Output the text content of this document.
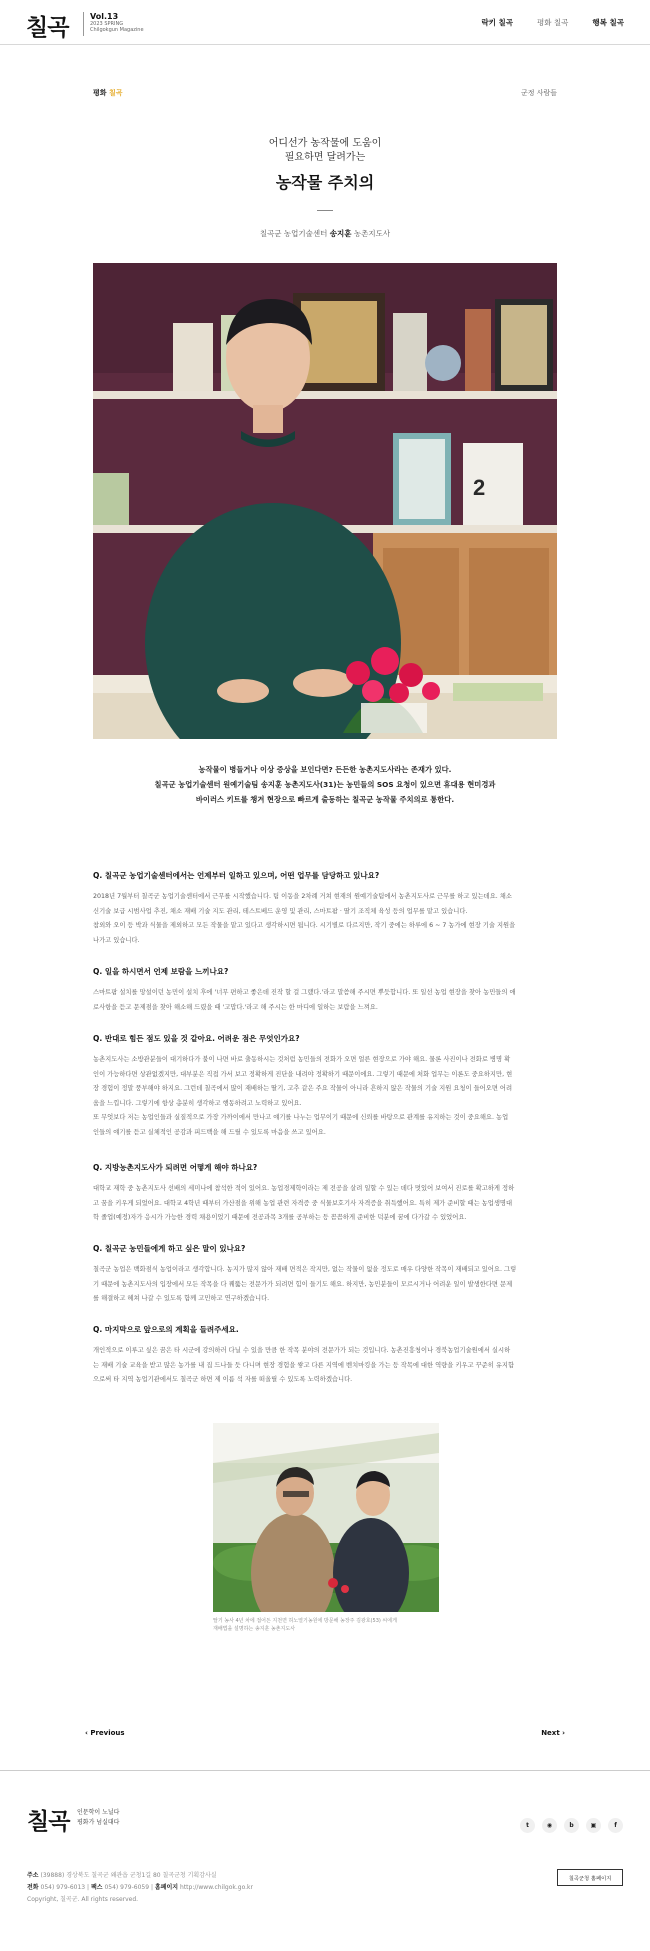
칠곡	Vol.13
2023 SPRING
Chilgokgun Magazine
락키 칠곡	평화 칠곡	행복 칠곡
평화 칠곡	군정 사람들
어디선가 농작물에 도움이
필요하면 달려가는
농작물 주치의
칠곡군 농업기술센터 송지훈 농촌지도사
2
농작물이 병들거나 이상 증상을 보인다면? 든든한 농촌지도사라는 존재가 있다.
칠곡군 농업기술센터 원예기술팀 송지훈 농촌지도사(31)는 농민들의 SOS 요청이 있으면 휴대용 현미경과
바이러스 키트를 챙겨 현장으로 빠르게 출동하는 칠곡군 농작물 주치의로 통한다.
Q. 칠곡군 농업기술센터에서는 언제부터 일하고 있으며, 어떤 업무를 담당하고 있나요?
2018년 7월부터 칠곡군 농업기술센터에서 근무를 시작했습니다. 팀 이동을 2차례 거쳐 현재의 원예기술팀에서 농촌지도사로 근무를 하고 있는데요. 채소
신기술 보급 시범사업 추진, 채소 재배 기술 지도 관리, 테스트베드 운영 및 관리, 스마트팜 · 딸기 조직체 육성 등의 업무를 맡고 있습니다.
참외와 오이 등 박과 식물을 제외하고 모든 작물을 맡고 있다고 생각하시면 됩니다. 시기별로 다르지만, 작기 중에는 하루에 6 ~ 7 농가에 현장 기술 지원을
나가고 있습니다.
Q. 일을 하시면서 언제 보람을 느끼나요?
스마트팜 설치를 망설이던 농민이 설치 후에 '너무 편하고 좋은데 진작 할 걸 그랬다.'라고 말씀해 주시면 뿌듯합니다. 또 일선 농업 현장을 찾아 농민들의 애
로사항을 듣고 문제점을 찾아 해소해 드렸을 때 '고맙다.'라고 해 주시는 한 마디에 일하는 보람을 느껴요.
Q. 반대로 힘든 점도 있을 것 같아요. 어려운 점은 무엇인가요?
농촌지도사는 소방관분들이 대기하다가 불이 나면 바로 출동하시는 것처럼 농민들의 전화가 오면 얼른 현장으로 가야 해요. 물론 사진이나 전화로 병명 확
인이 가능하다면 상관없겠지만, 대부분은 직접 가서 보고 정확하게 진단을 내려야 정확하기 때문이에요. 그렇기 때문에 처화 업무는 이론도 중요하지만, 현
장 경험이 정말 풍부해야 하지요. 그런데 칠곡에서 많이 재배하는 딸기, 고추 같은 주요 작물이 아니라 흔하지 않은 작물의 기술 지원 요청이 들어오면 어려
움을 느낍니다. 그렇기에 항상 총분히 생각하고 행동하려고 노력하고 있어요.
또 무엇보다 저는 농업인들과 실질적으로 가장 가까이에서 만나고 얘기를 나누는 업무이기 때문에 신뢰를 바탕으로 관계를 유지하는 것이 중요해요. 농업
인들의 얘기를 듣고 실체적인 공감과 피드백을 해 드릴 수 있도록 마음을 쓰고 있어요.
Q. 지방농촌지도사가 되려면 어떻게 해야 하나요?
대학교 재학 중 농촌지도사 선배의 세미나에 참석한 적이 있어요. 농업경제학이라는 제 전공을 살려 일할 수 있는 데다 멋있어 보여서 진로를 확고하게 정하
고 꿈을 키우게 되었어요. 대학교 4학년 때부터 가산점을 위해 농업 관련 자격증 중 식물보호기사 자격증을 취득했어요. 특히 제가 준비할 때는 농업생명대
학 졸업(예정)자가 응시가 가능한 경력 채용이었기 때문에 전공과목 3개를 공부하는 등 꼼꼼하게 준비한 덕분에 꿈에 다가갈 수 있었어요.
Q. 칠곡군 농민들에게 하고 싶은 말이 있나요?
칠곡군 농업은 백화점식 농업이라고 생각합니다. 농지가 많지 않아 재배 면적은 작지만, 없는 작물이 없을 정도로 매우 다양한 작목이 재배되고 있어요. 그렇
기 때문에 농촌지도사의 입장에서 모든 작목을 다 꿰뚫는 전문가가 되려면 힘이 들기도 해요. 하지만, 농민분들이 모르시거나 어려운 일이 발생한다면 문제
를 해결하고 헤쳐 나갈 수 있도록 함께 고민하고 연구하겠습니다.
Q. 마지막으로 앞으로의 계획을 들려주세요.
개인적으로 이루고 싶은 꿈은 타 시군에 강의하러 다닐 수 있을 만큼 한 작목 분야의 전문가가 되는 것입니다. 농촌진흥청이나 경북농업기술원에서 실시하
는 재배 기술 교육을 받고 많은 농가를 내 집 드나들 듯 다니며 현장 경험을 쌓고 다른 지역에 벤치마킹을 가는 등 작목에 대한 역량을 키우고 꾸준히 유지함
으로써 타 지역 농업기관에서도 칠곡군 하면 제 이름 석 자를 떠올릴 수 있도록 노력하겠습니다.
딸기 농사 4년 차에 접어든 지천면 허노열기농원에 방문해 농장주 김광호(53) 씨에게
재배법을 설명하는 송지훈 농촌지도사
‹ Previous	Next ›
칠곡 인문학이 노닐다
평화가 넘실대다	t	◉	b	▣	f
주소 (39888) 경상북도 칠곡군 왜관읍 군청1길 80 칠곡군청 기획감사실
전화 054) 979-6013 | 팩스 054) 979-6059 | 홈페이지 http://www.chilgok.go.kr
Copyright, 칠곡군. All rights reserved.
칠곡군청 홈페이지
